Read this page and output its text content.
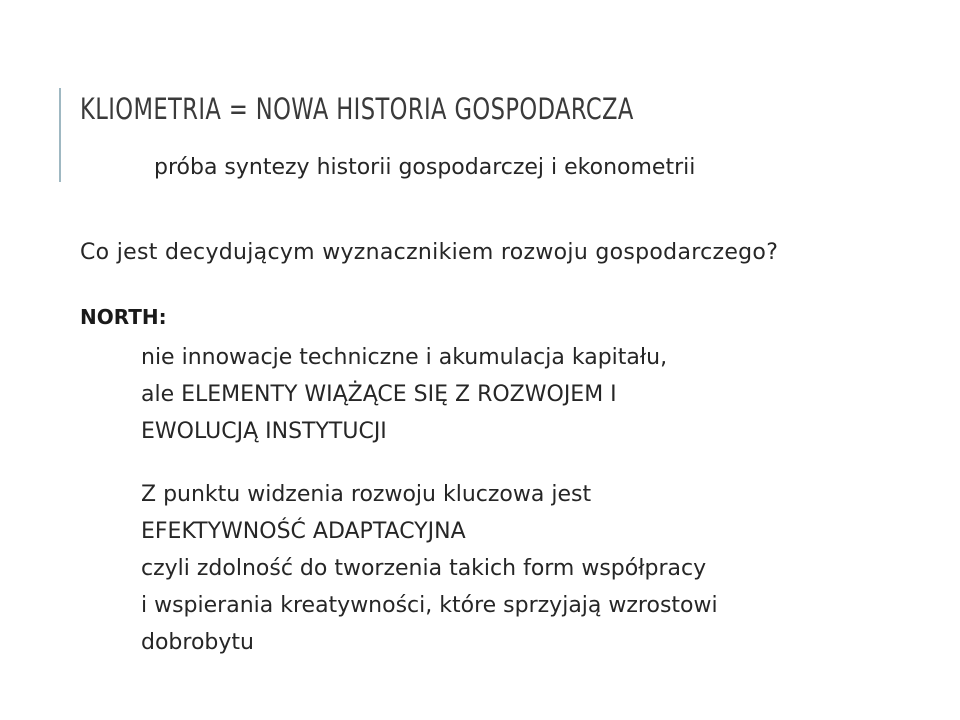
KLIOMETRIA = NOWA HISTORIA GOSPODARCZA

próba syntezy historii gospodarczej i ekonometrii

Co jest decydującym wyznacznikiem rozwoju gospodarczego?

NORTH:

nie innowacje techniczne i akumulacja kapitału,
ale ELEMENTY WIĄŻĄCE SIĘ Z ROZWOJEM I
EWOLUCJĄ INSTYTUCJI
Z punktu widzenia rozwoju kluczowa jest
EFEKTYWNOŚĆ ADAPTACYJNA
czyli zdolność do tworzenia takich form współpracy
i wspierania kreatywności, które sprzyjają wzrostowi
dobrobytu
